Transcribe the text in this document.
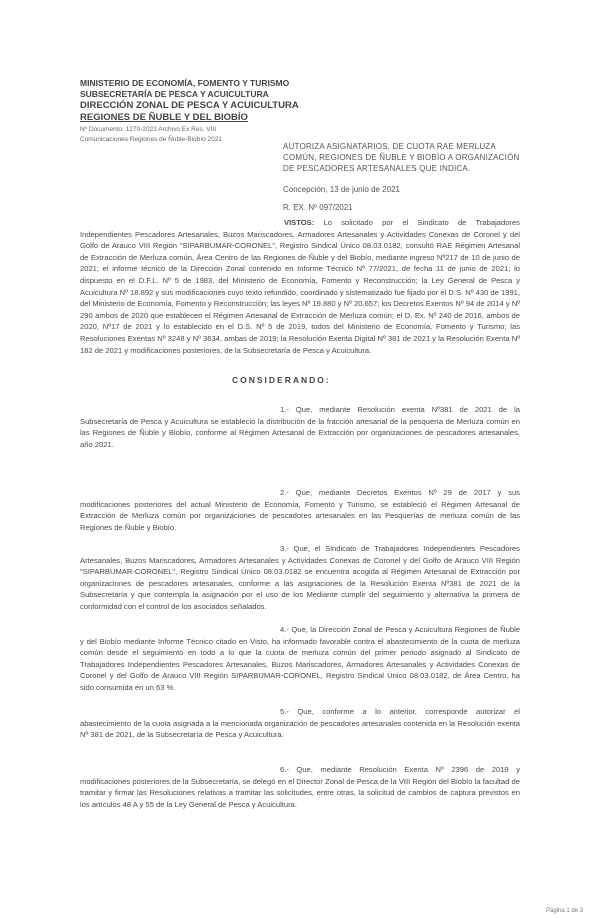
MINISTERIO DE ECONOMÍA, FOMENTO Y TURISMO
SUBSECRETARÍA DE PESCA Y ACUICULTURA
DIRECCIÓN ZONAL DE PESCA Y ACUICULTURA
REGIONES DE ÑUBLE Y DEL BIOBÍO
Nº Documento: 1270-2021 Archivo Ex Res. VIII
Comunicaciones Regiones de Ñuble-Biobío 2021
AUTORIZA ASIGNATARIOS, DE CUOTA RAE MERLUZA COMÚN, REGIONES DE ÑUBLE Y BIOBÍO A ORGANIZACIÓN DE PESCADORES ARTESANALES QUE INDICA.
Concepción, 13 de junio de 2021
R. EX. Nº 097/2021
VISTOS: Lo solicitado por el Sindicato de Trabajadores Independientes Pescadores Artesanales, Buzos Mariscadores, Armadores Artesanales y Actividades Conexas de Coronel y del Golfo de Arauco VIII Región "SIPARBUMAR-CORONEL", Registro Sindical Único 08.03.0182, consultó RAE Régimen Artesanal de Extracción de Merluza común, Área Centro de las Regiones de Ñuble y del Biobío, mediante ingreso Nº217 de 10 de junio de 2021; el informe técnico de la Dirección Zonal contenido en Informe Técnico Nº 77/2021, de fecha 11 de junio de 2021; lo dispuesto en el D.F.L. Nº 5 de 1983, del Ministerio de Economía, Fomento y Reconstrucción; la Ley General de Pesca y Acuicultura Nº 18.892 y sus modificaciones cuyo texto refundido, coordinado y sistematizado fue fijado por el D.S. Nº 430 de 1991, del Ministerio de Economía, Fomento y Reconstrucción; las leyes Nº 19.880 y Nº 20.657; los Decretos Exentos Nº 94 de 2014 y Nº 290 ambos de 2020 que establecen el Régimen Artesanal de Extracción de Merluza común; el D. Ex. Nº 240 de 2016, ambos de 2020, Nº17 de 2021 y lo establecido en el D.S. Nº 5 de 2019, todos del Ministerio de Economía, Fomento y Turismo; las Resoluciones Exentas Nº 3248 y Nº 3634, ambas de 2019; la Resolución Exenta Digital Nº 381 de 2021 y la Resolución Exenta Nº 182 de 2021 y modificaciones posteriores, de la Subsecretaría de Pesca y Acuicultura.
CONSIDERANDO:
1.- Que, mediante Resolución exenta Nº381 de 2021 de la Subsecretaría de Pesca y Acuicultura se estableció la distribución de la fracción artesanal de la pesquería de Merluza común en las Regiones de Ñuble y Biobío, conforme al Régimen Artesanal de Extracción por organizaciones de pescadores artesanales, año 2021.
2.- Que, mediante Decretos Exentos Nº 29 de 2017 y sus modificaciones posteriores del actual Ministerio de Economía, Fomento y Turismo, se estableció el Régimen Artesanal de Extracción de Merluza común por organizaciones de pescadores artesanales en las Pesquerías de merluza común de las Regiones de Ñuble y Biobío.
3.- Que, el Sindicato de Trabajadores Independientes Pescadores Artesanales, Buzos Mariscadores, Armadores Artesanales y Actividades Conexas de Coronel y del Golfo de Arauco VIII Región "SIPARBUMAR-CORONEL", Registro Sindical Único 08.03.0182 se encuentra acogida al Régimen Artesanal de Extracción por organizaciones de pescadores artesanales, conforme a las asignaciones de la Resolución Exenta Nº381 de 2021 de la Subsecretaría y que contempla la asignación por el uso de los Mediante cumplir del seguimiento y alternativa la primera de conformidad con el control de los asociados señalados.
4.- Que, la Dirección Zonal de Pesca y Acuicultura Regiones de Ñuble y del Biobío mediante Informe Técnico citado en Visto, ha informado favorable contra el abastecimiento de la cuota de merluza común desde el seguimiento en todo a lo que la cuota de merluza común del primer periodo asignado al Sindicato de Trabajadores Independientes Pescadores Artesanales, Buzos Mariscadores, Armadores Artesanales y Actividades Conexas de Coronel y del Golfo de Arauco VIII Región SIPARBUMAR-CORONEL, Registro Sindical Único 08.03.0182, de Área Centro, ha sido consumida en un 63 %.
5.- Que, conforme a lo anterior, corresponde autorizar el abastecimiento de la cuota asignada a la mencionada organización de pescadores artesanales contenida en la Resolución exenta Nº 381 de 2021, de la Subsecretaría de Pesca y Acuicultura.
6.- Que, mediante Resolución Exenta Nº 2396 de 2019 y modificaciones posteriores de la Subsecretaría, se delegó en el Director Zonal de Pesca de la VIII Región del Biobío la facultad de tramitar y firmar las Resoluciones relativas a tramitar las solicitudes, entre otras, la solicitud de cambios de captura previstos en los artículos 48 A y 55 de la Ley General de Pesca y Acuicultura.
Página 1 de 3
